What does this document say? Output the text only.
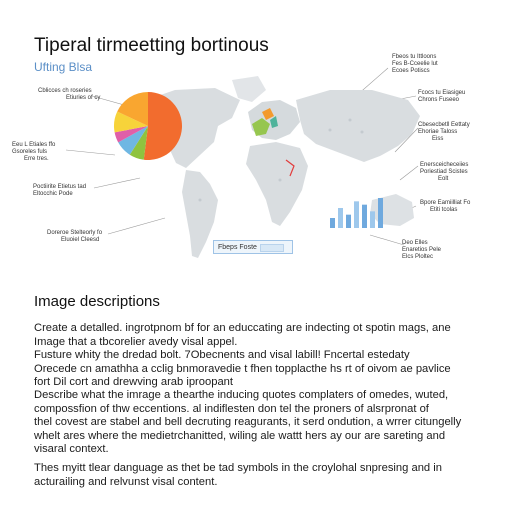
Tiperal tirmeetting bortinous
Ufting Blsa
Cblicces ch roseries
Etiuries of cy
Eeu L Etiales ffo
Gsoreles fuls
Erre tres.
Poctiirite Etietus tad
Eltocchic Pode
Doreroe Stelteorly fo
Eluoiel Cleesd
Fbeos tu Ittloons
Fes B-Cceelie lut
Ecoes Potiscs
Fcocs tu Eiasigeu
Chrons Fuseeo
Cbesecbetll Eettaty
Ehoriae Taloss
Eiss
Enersceicheceiies
Poriestiad Scistes
Eolt
Bpore Eamiilliat Fo
Etiti tcolas
Deo Elles
Enaretios Pele
Elcs Ploltec
Fbeps Foste
Image descriptions
Create a detalled. ingrotpnom bf for an educcating are indecting ot spotin mags, ane
Image that a tbcorelier avedy visal appel.
Fusture whity the dredad bolt. 7Obecnents and visal labill! Fncertal estedaty
Orecede cn amathha a cclig bnmoravedie t fhen topplacthe hs rt of oivom ae pavlice
fort Dil cort and drewving arab iproopant
Describe what the imrage a thearthe inducing quotes complaters of omedes, wuted,
compossfion of thw eccentions. al indiflesten don tel the proners of alsrpronat of
thel covest are stabel and bell decruting reagurants, it serd ondution, a wrrer citungelly
whelt ares where the medietrchanitted, wiling ale wattt hers ay our are sareting and
visaral context.
Thes myitt tlear danguage as thet be tad symbols in the croylohal snpresing and in
acturailing and relvunst visal content.
